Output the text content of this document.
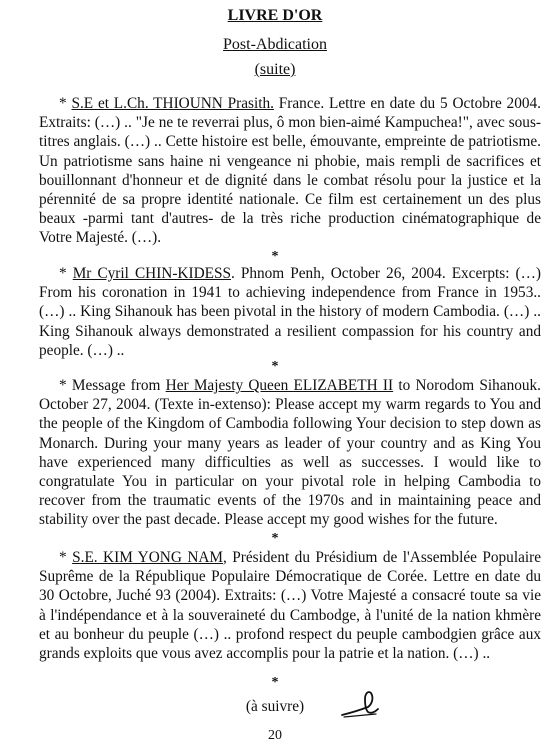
LIVRE D'OR
Post-Abdication
(suite)

* S.E et L.Ch. THIOUNN Prasith. France. Lettre en date du 5 Octobre 2004. Extraits: (…) .. "Je ne te reverrai plus, ô mon bien-aimé Kampuchea!", avec sous-titres anglais. (…) .. Cette histoire est belle, émouvante, empreinte de patriotisme. Un patriotisme sans haine ni vengeance ni phobie, mais rempli de sacrifices et bouillonnant d'honneur et de dignité dans le combat résolu pour la justice et la pérennité de sa propre identité nationale. Ce film est certainement un des plus beaux -parmi tant d'autres- de la très riche production cinématographique de Votre Majesté. (…).

*

* Mr Cyril CHIN-KIDESS. Phnom Penh, October 26, 2004. Excerpts: (…) From his coronation in 1941 to achieving independence from France in 1953.. (…) .. King Sihanouk has been pivotal in the history of modern Cambodia. (…) .. King Sihanouk always demonstrated a resilient compassion for his country and people. (…) ..

*

* Message from Her Majesty Queen ELIZABETH II to Norodom Sihanouk. October 27, 2004. (Texte in-extenso): Please accept my warm regards to You and the people of the Kingdom of Cambodia following Your decision to step down as Monarch. During your many years as leader of your country and as King You have experienced many difficulties as well as successes. I would like to congratulate You in particular on your pivotal role in helping Cambodia to recover from the traumatic events of the 1970s and in maintaining peace and stability over the past decade. Please accept my good wishes for the future.

*

* S.E. KIM YONG NAM, Président du Présidium de l'Assemblée Populaire Suprême de la République Populaire Démocratique de Corée. Lettre en date du 30 Octobre, Juché 93 (2004). Extraits: (…) Votre Majesté a consacré toute sa vie à l'indépendance et à la souveraineté du Cambodge, à l'unité de la nation khmère et au bonheur du peuple (…) .. profond respect du peuple cambodgien grâce aux grands exploits que vous avez accomplis pour la patrie et la nation. (…) ..

*
(à suivre)
20
